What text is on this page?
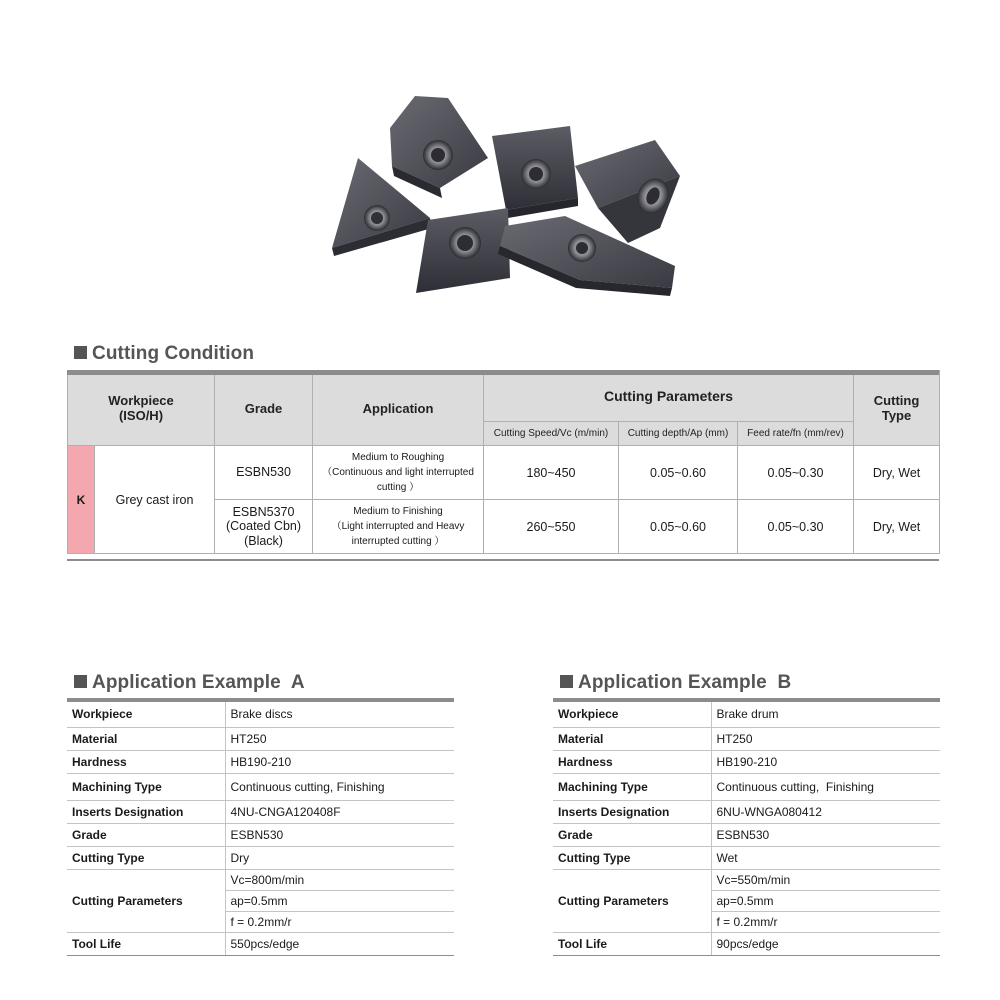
Cutting Condition
Workpiece
(ISO/H)		Grade	Application	Cutting Parameters			Cutting
Type
				Cutting Speed/Vc (m/min)	Cutting depth/Ap (mm)	Feed rate/fn (mm/rev)	
K	Grey cast iron	ESBN530	Medium to Roughing
（Continuous and light interrupted
cutting ）	180~450	0.05~0.60	0.05~0.30	Dry, Wet
		ESBN5370
(Coated Cbn)
(Black)	Medium to Finishing
（Light interrupted and Heavy
interrupted cutting ）	260~550	0.05~0.60	0.05~0.30	Dry, Wet
Application Example  A
Workpiece	Brake discs
Material	HT250
Hardness	HB190-210
Machining Type	Continuous cutting, Finishing
Inserts Designation	4NU-CNGA120408F
Grade	ESBN530
Cutting Type	Dry
Cutting Parameters	Vc=800m/min
	ap=0.5mm
	f = 0.2mm/r
Tool Life	550pcs/edge
Application Example  B
Workpiece	Brake drum
Material	HT250
Hardness	HB190-210
Machining Type	Continuous cutting,  Finishing
Inserts Designation	6NU-WNGA080412
Grade	ESBN530
Cutting Type	Wet
Cutting Parameters	Vc=550m/min
	ap=0.5mm
	f = 0.2mm/r
Tool Life	90pcs/edge
